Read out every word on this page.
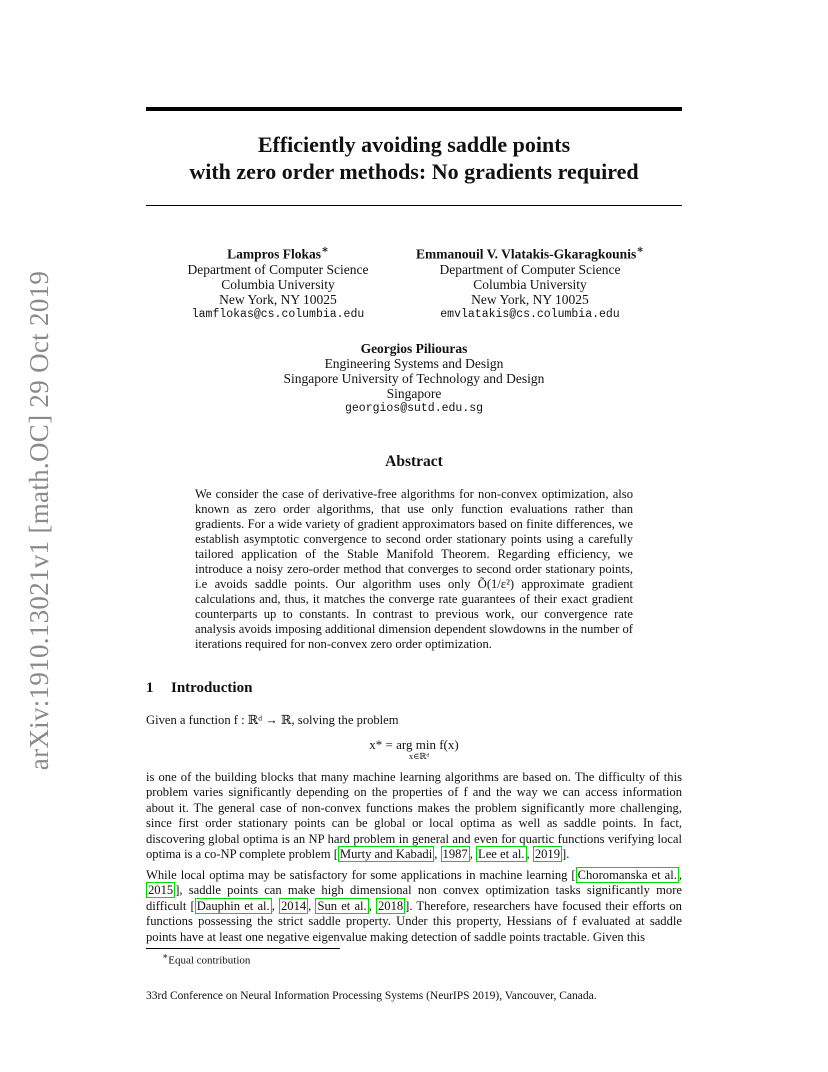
arXiv:1910.13021v1 [math.OC] 29 Oct 2019
Efficiently avoiding saddle points
with zero order methods: No gradients required
Lampros Flokas∗
Department of Computer Science
Columbia University
New York, NY 10025
lamflokas@cs.columbia.edu
Emmanouil V. Vlatakis-Gkaragkounis∗
Department of Computer Science
Columbia University
New York, NY 10025
emvlatakis@cs.columbia.edu
Georgios Piliouras
Engineering Systems and Design
Singapore University of Technology and Design
Singapore
georgios@sutd.edu.sg
Abstract
We consider the case of derivative-free algorithms for non-convex optimization, also known as zero order algorithms, that use only function evaluations rather than gradients. For a wide variety of gradient approximators based on finite differences, we establish asymptotic convergence to second order stationary points using a carefully tailored application of the Stable Manifold Theorem. Regarding efficiency, we introduce a noisy zero-order method that converges to second order stationary points, i.e avoids saddle points. Our algorithm uses only Õ(1/ε²) approximate gradient calculations and, thus, it matches the converge rate guarantees of their exact gradient counterparts up to constants. In contrast to previous work, our convergence rate analysis avoids imposing additional dimension dependent slowdowns in the number of iterations required for non-convex zero order optimization.
1 Introduction
Given a function f : ℝᵈ → ℝ, solving the problem
x* = arg min f(x)
x∈ℝᵈ
is one of the building blocks that many machine learning algorithms are based on. The difficulty of this problem varies significantly depending on the properties of f and the way we can access information about it. The general case of non-convex functions makes the problem significantly more challenging, since first order stationary points can be global or local optima as well as saddle points. In fact, discovering global optima is an NP hard problem in general and even for quartic functions verifying local optima is a co-NP complete problem [ Murty and Kabadi , 1987 , Lee et al. , 2019 ].
While local optima may be satisfactory for some applications in machine learning [ Choromanska et al. , 2015 ], saddle points can make high dimensional non convex optimization tasks significantly more difficult [ Dauphin et al. , 2014 , Sun et al. , 2018 ]. Therefore, researchers have focused their efforts on functions possessing the strict saddle property. Under this property, Hessians of f evaluated at saddle points have at least one negative eigenvalue making detection of saddle points tractable. Given this
∗Equal contribution
33rd Conference on Neural Information Processing Systems (NeurIPS 2019), Vancouver, Canada.
